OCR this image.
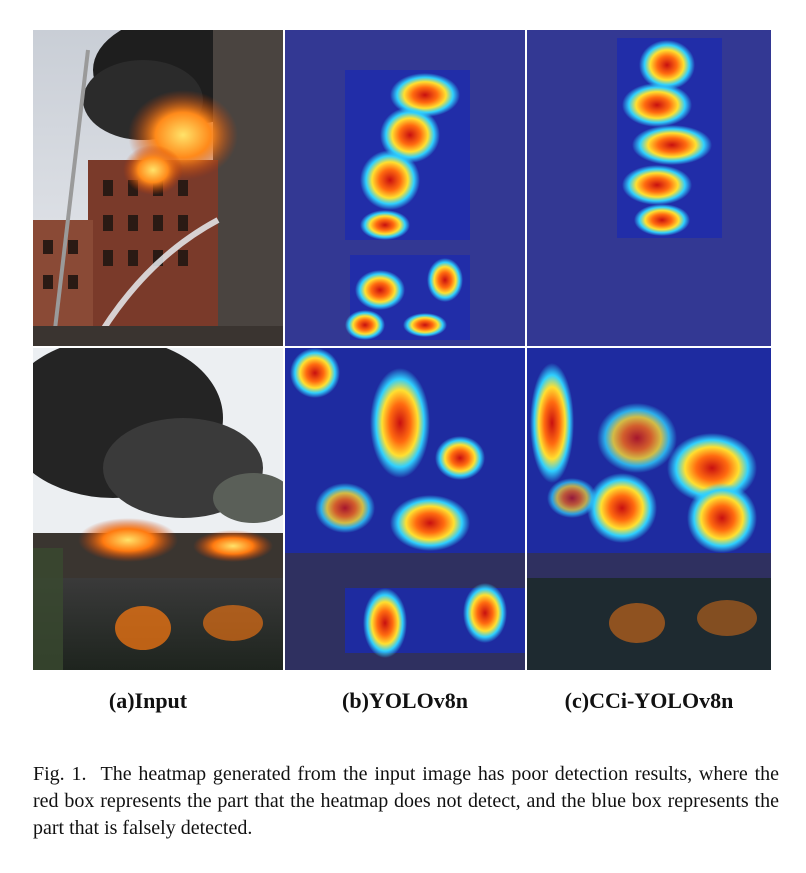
(a)Input	(b)YOLOv8n	(c)CCi-YOLOv8n
Fig. 1. The heatmap generated from the input image has poor detection results, where the red box represents the part that the heatmap does not detect, and the blue box represents the part that is falsely detected.
